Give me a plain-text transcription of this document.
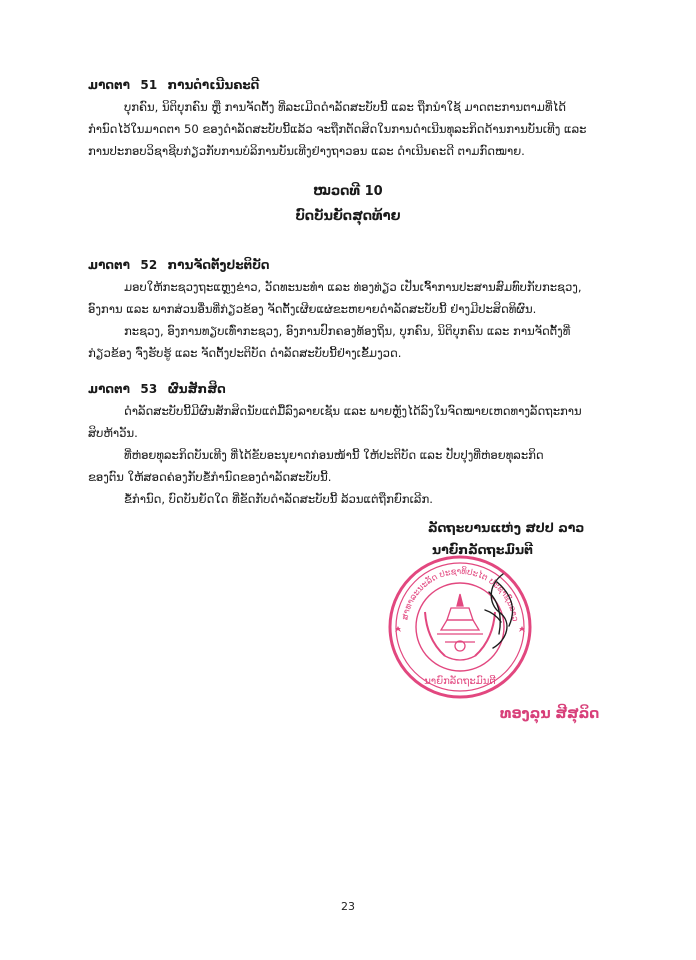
ມາດຕາ 51 ການດຳເນີນຄະດີ
ບຸກຄົນ, ນິຕິບຸກຄົນ ຫຼື ການຈັດຕັ້ງ ທີ່ລະເມີດດຳລັດສະບັບນີ້ ແລະ ຖືກນຳໃຊ້ ມາດຕະການຕາມທີ່ໄດ້
ກຳນົດໄວ້ໃນມາດຕາ 50 ຂອງດຳລັດສະບັບນີ້ແລ້ວ ຈະຖືກຕັດສິດໃນການດຳເນີນທຸລະກິດດ້ານການບັນເທີງ ແລະ
ການປະກອບວິຊາຊີບກ່ຽວກັບການບໍລິການບັນເທີງຢ່າງຖາວອນ ແລະ ດຳເນີນຄະດີ ຕາມກົດໝາຍ.
ໝວດທີ 10
ບົດບັນຍັດສຸດທ້າຍ
ມາດຕາ 52 ການຈັດຕັ້ງປະຕິບັດ
ມອບໃຫ້ກະຊວງຖະແຫຼງຂ່າວ, ວັດທະນະທຳ ແລະ ທ່ອງທ່ຽວ ເປັນເຈົ້າການປະສານສົມທົບກັບກະຊວງ,
ອົງການ ແລະ ພາກສ່ວນອື່ນທີ່ກ່ຽວຂ້ອງ ຈັດຕັ້ງເຜີຍແຜ່ຂະຫຍາຍດຳລັດສະບັບນີ້ ຢ່າງມີປະສິດທິຜົນ.
ກະຊວງ, ອົງການທຽບເທົ່າກະຊວງ, ອົງການປົກຄອງທ້ອງຖິ່ນ, ບຸກຄົນ, ນິຕິບຸກຄົນ ແລະ ການຈັດຕັ້ງທີ່
ກ່ຽວຂ້ອງ ຈົ່ງຮັບຮູ້ ແລະ ຈັດຕັ້ງປະຕິບັດ ດຳລັດສະບັບນີ້ຢ່າງເຂັ້ມງວດ.
ມາດຕາ 53 ຜົນສັກສິດ
ດຳລັດສະບັບນີ້ມີຜົນສັກສິດນັບແຕ່ມື້ລົງລາຍເຊັນ ແລະ ພາຍຫຼັງໄດ້ລົງໃນຈົດໝາຍເຫດທາງລັດຖະການ
ສິບຫ້າວັນ.
ທີ່ຫ່ອຍທຸລະກິດບັນເທີງ ທີ່ໄດ້ຂັບອະນຸຍາດກ່ອນໜ້ານີ້ ໃຫ້ປະຕິບັດ ແລະ ປັບປຸງທີ່ຫ່ອຍທຸລະກິດ
ຂອງຕົນ ໃຫ້ສອດຄ່ອງກັບຂໍ້ກຳນົດຂອງດຳລັດສະບັບນີ້.
ຂໍ້ກຳນົດ, ບົດບັນຍັດໃດ ທີ່ຂັດກັບດຳລັດສະບັບນີ້ ລ້ວນແຕ່ຖືກຍົກເລີກ.
ລັດຖະບານແຫ່ງ ສປປ ລາວ
ນາຍົກລັດຖະມົນຕີ
ສາທາລະນະລັດ ປະຊາທິປະໄຕ ປະຊາຊົນລາວ
ນາຍົກລັດຖະມົນຕີ
ທອງລຸນ ສີສຸລິດ
23
